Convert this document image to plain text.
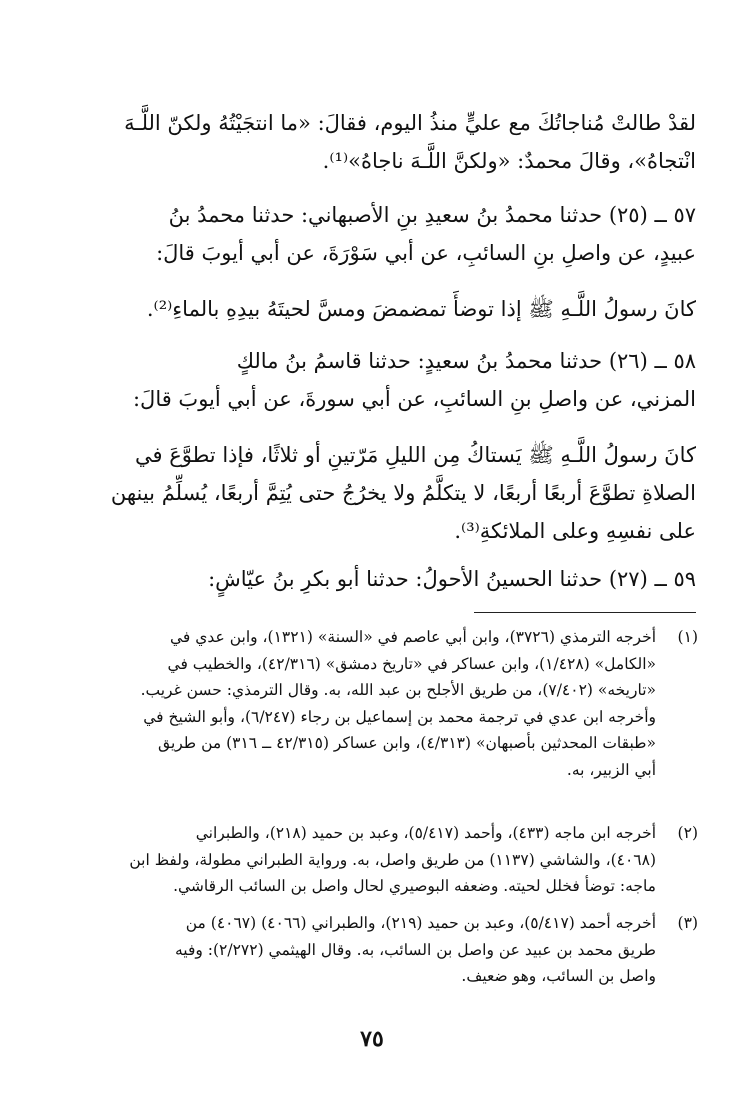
لقدْ طالتْ مُناجاتُكَ مع عليٍّ منذُ اليوم، فقالَ: «ما انتجَيْتُهُ ولكنّ اللَّـهَ
انْتجاهُ»، وقالَ محمدٌ: «ولكنَّ اللَّـهَ ناجاهُ»⁽¹⁾.
٥٧ ــ (٢٥) حدثنا محمدُ بنُ سعيدِ بنِ الأصبهاني: حدثنا محمدُ بنُ
عبيدٍ، عن واصلِ بنِ السائبِ، عن أبي سَوْرَةَ، عن أبي أيوبَ قالَ:
كانَ رسولُ اللَّـهِ ﷺ إذا توضأَ تمضمضَ ومسَّ لحيتَهُ بيدِهِ بالماءِ⁽²⁾.
٥٨ ــ (٢٦) حدثنا محمدُ بنُ سعيدٍ: حدثنا قاسمُ بنُ مالكٍ
المزني، عن واصلِ بنِ السائبِ، عن أبي سورةَ، عن أبي أيوبَ قالَ:
كانَ رسولُ اللَّـهِ ﷺ يَستاكُ مِن الليلِ مَرّتينِ أو ثلاثًا، فإذا تطوَّعَ في
الصلاةِ تطوَّعَ أربعًا أربعًا، لا يتكلَّمُ ولا يخرُجُ حتى يُتِمَّ أربعًا، يُسلِّمُ بينهن
على نفسِهِ وعلى الملائكةِ⁽³⁾.
٥٩ ــ (٢٧) حدثنا الحسينُ الأحولُ: حدثنا أبو بكرِ بنُ عيّاشٍ:
(١)
أخرجه الترمذي (٣٧٢٦)، وابن أبي عاصم في «السنة» (١٣٢١)، وابن عدي في
«الكامل» (١/٤٢٨)، وابن عساكر في «تاريخ دمشق» (٤٢/٣١٦)، والخطيب في
«تاريخه» (٧/٤٠٢)، من طريق الأجلح بن عبد الله، به. وقال الترمذي: حسن غريب.
وأخرجه ابن عدي في ترجمة محمد بن إسماعيل بن رجاء (٦/٢٤٧)، وأبو الشيخ في
«طبقات المحدثين بأصبهان» (٤/٣١٣)، وابن عساكر (٤٢/٣١٥ ــ ٣١٦) من طريق
أبي الزبير، به.
(٢)
أخرجه ابن ماجه (٤٣٣)، وأحمد (٥/٤١٧)، وعبد بن حميد (٢١٨)، والطبراني
(٤٠٦٨)، والشاشي (١١٣٧) من طريق واصل، به. ورواية الطبراني مطولة، ولفظ ابن
ماجه: توضأ فخلل لحيته. وضعفه البوصيري لحال واصل بن السائب الرقاشي.
(٣)
أخرجه أحمد (٥/٤١٧)، وعبد بن حميد (٢١٩)، والطبراني (٤٠٦٦) (٤٠٦٧) من
طريق محمد بن عبيد عن واصل بن السائب، به. وقال الهيثمي (٢/٢٧٢): وفيه
واصل بن السائب، وهو ضعيف.
٧٥
